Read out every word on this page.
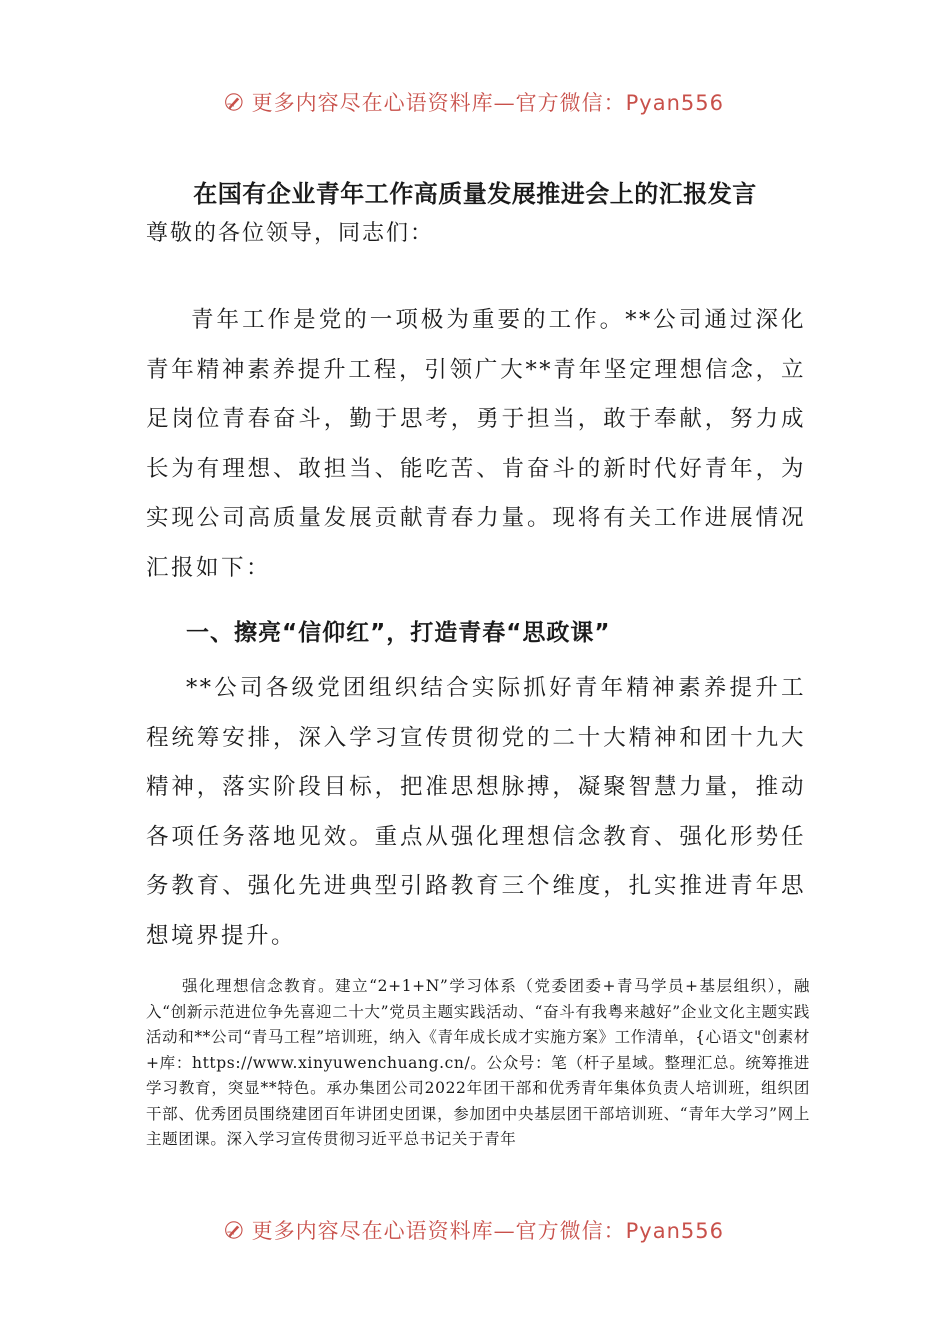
更多内容尽在心语资料库—官方微信：Pyan556
在国有企业青年工作高质量发展推进会上的汇报发言
尊敬的各位领导，同志们：

青年工作是党的一项极为重要的工作。**公司通过深化青年精神素养提升工程，引领广大**青年坚定理想信念，立足岗位青春奋斗，勤于思考，勇于担当，敢于奉献，努力成长为有理想、敢担当、能吃苦、肯奋斗的新时代好青年，为实现公司高质量发展贡献青春力量。现将有关工作进展情况汇报如下：

一、擦亮“信仰红”，打造青春“思政课”

**公司各级党团组织结合实际抓好青年精神素养提升工程统筹安排，深入学习宣传贯彻党的二十大精神和团十九大精神，落实阶段目标，把准思想脉搏，凝聚智慧力量，推动各项任务落地见效。重点从强化理想信念教育、强化形势任务教育、强化先进典型引路教育三个维度，扎实推进青年思想境界提升。

强化理想信念教育。建立“2+1+N”学习体系（党委团委+青马学员+基层组织），融入“创新示范进位争先喜迎二十大”党员主题实践活动、“奋斗有我粤来越好”企业文化主题实践活动和**公司“青马工程”培训班，纳入《青年成长成才实施方案》工作清单，{心语文"创素材+库：https://www.xinyuwenchuang.cn/。公众号：笔（杆子星域。整理汇总。统筹推进学习教育，突显**特色。承办集团公司2022年团干部和优秀青年集体负责人培训班，组织团干部、优秀团员围绕建团百年讲团史团课，参加团中央基层团干部培训班、“青年大学习”网上主题团课。深入学习宣传贯彻习近平总书记关于青年

更多内容尽在心语资料库—官方微信：Pyan556
